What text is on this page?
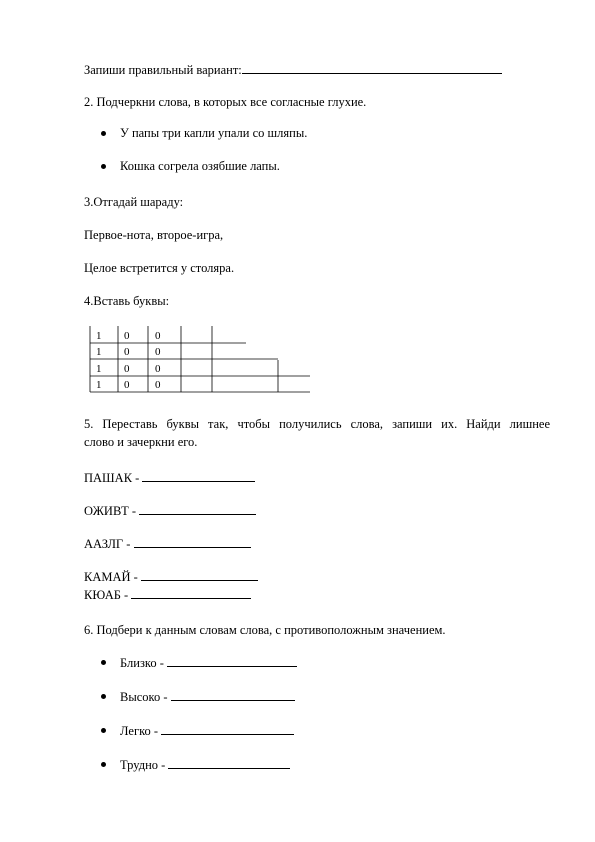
Запиши правильный вариант:
2. Подчеркни слова, в которых все согласные глухие.
У папы три капли упали со шляпы.
Кошка согрела озябшие лапы.
3.Отгадай шараду:
Первое-нота, второе-игра,
Целое встретится у столяра.
4.Вставь буквы:
1 0 0
1 0 0
1 0 0
1 0 0
5. Переставь буквы так, чтобы получились слова, запиши их. Найди лишнее
слово и зачеркни его.
ПАШАК -
ОЖИВТ -
ААЗЛГ -
КАМАЙ -
КЮАБ -
6. Подбери к данным словам слова, с противоположным значением.
Близко -
Высоко -
Легко -
Трудно -
